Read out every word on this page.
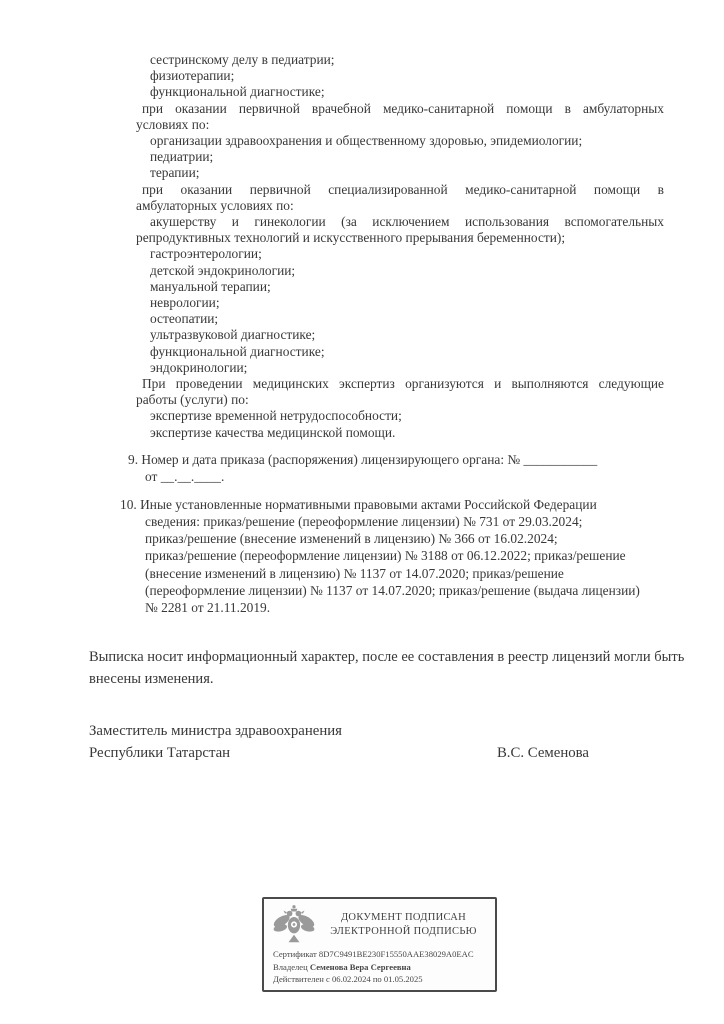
сестринскому делу в педиатрии;
физиотерапии;
функциональной диагностике;
при оказании первичной врачебной медико-санитарной помощи в амбулаторных
условиях по:
организации здравоохранения и общественному здоровью, эпидемиологии;
педиатрии;
терапии;
при оказании первичной специализированной медико-санитарной помощи в
амбулаторных условиях по:
акушерству и гинекологии (за исключением использования вспомогательных
репродуктивных технологий и искусственного прерывания беременности);
гастроэнтерологии;
детской эндокринологии;
мануальной терапии;
неврологии;
остеопатии;
ультразвуковой диагностике;
функциональной диагностике;
эндокринологии;
При проведении медицинских экспертиз организуются и выполняются следующие
работы (услуги) по:
экспертизе временной нетрудоспособности;
экспертизе качества медицинской помощи.
9. Номер и дата приказа (распоряжения) лицензирующего органа: № ___________
от __.__.____.
10. Иные установленные нормативными правовыми актами Российской Федерации
сведения: приказ/решение (переоформление лицензии) № 731 от 29.03.2024;
приказ/решение (внесение изменений в лицензию) № 366 от 16.02.2024;
приказ/решение (переоформление лицензии) № 3188 от 06.12.2022; приказ/решение
(внесение изменений в лицензию) № 1137 от 14.07.2020; приказ/решение
(переоформление лицензии) № 1137 от 14.07.2020; приказ/решение (выдача лицензии)
№ 2281 от 21.11.2019.
Выписка носит информационный характер, после ее составления в реестр лицензий могли быть
внесены изменения.
Заместитель министра здравоохранения
Республики Татарстан	В.С. Семенова
ДОКУМЕНТ ПОДПИСАН
ЭЛЕКТРОННОЙ ПОДПИСЬЮ
Сертификат 8D7C9491BE230F15550AAE38029A0EAC
Владелец Семенова Вера Сергеевна
Действителен с 06.02.2024 по 01.05.2025
